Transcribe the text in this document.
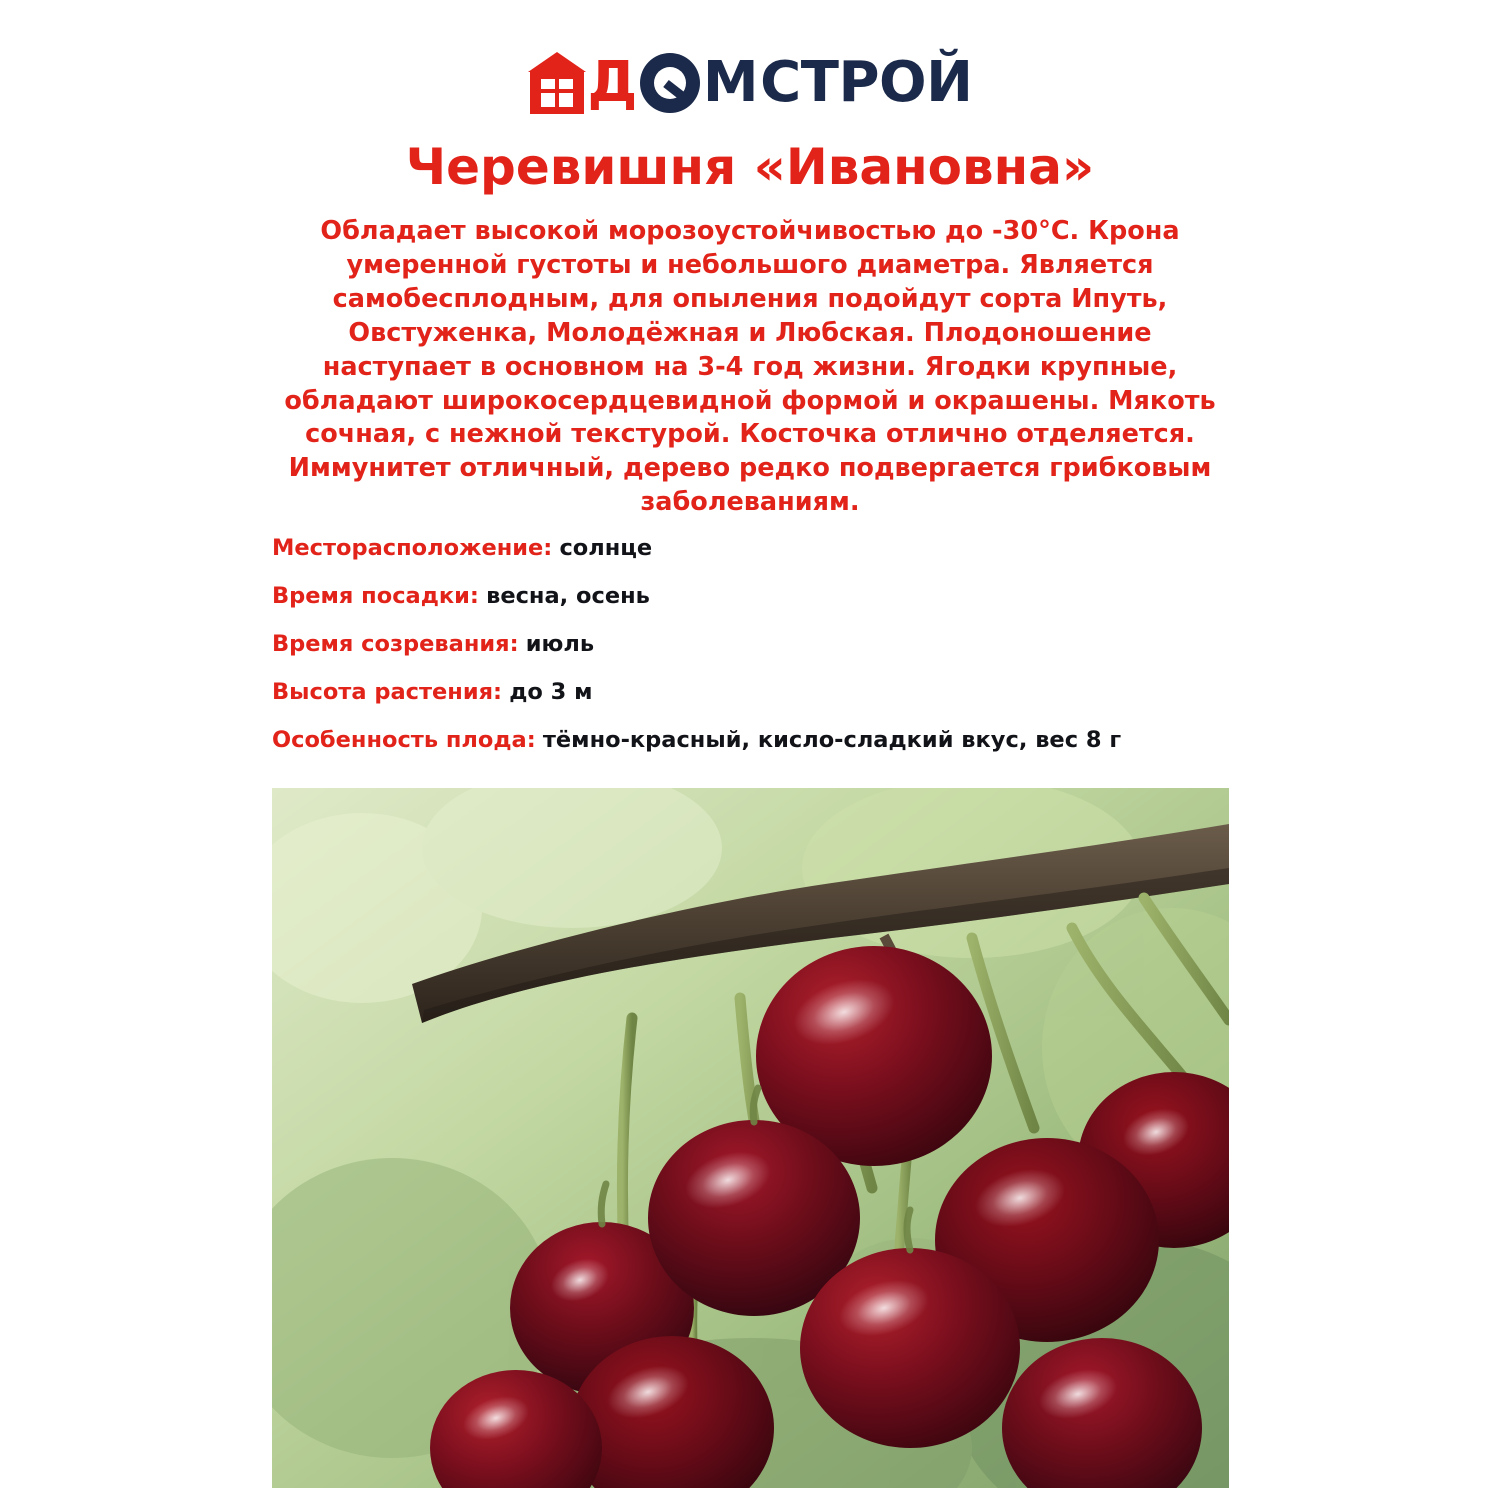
Д М СТРОЙ
Черевишня «Ивановна»
Обладает высокой морозоустойчивостью до -30°C. Крона умеренной густоты и небольшого диаметра. Является самобесплодным, для опыления подойдут сорта Ипуть, Овстуженка, Молодёжная и Любская. Плодоношение наступает в основном на 3-4 год жизни. Ягодки крупные, обладают широкосердцевидной формой и окрашены. Мякоть сочная, с нежной текстурой. Косточка отлично отделяется. Иммунитет отличный, дерево редко подвергается грибковым заболеваниям.
Месторасположение: солнце
Время посадки: весна, осень
Время созревания: июль
Высота растения: до 3 м
Особенность плода: тёмно-красный, кисло-сладкий вкус, вес 8 г
